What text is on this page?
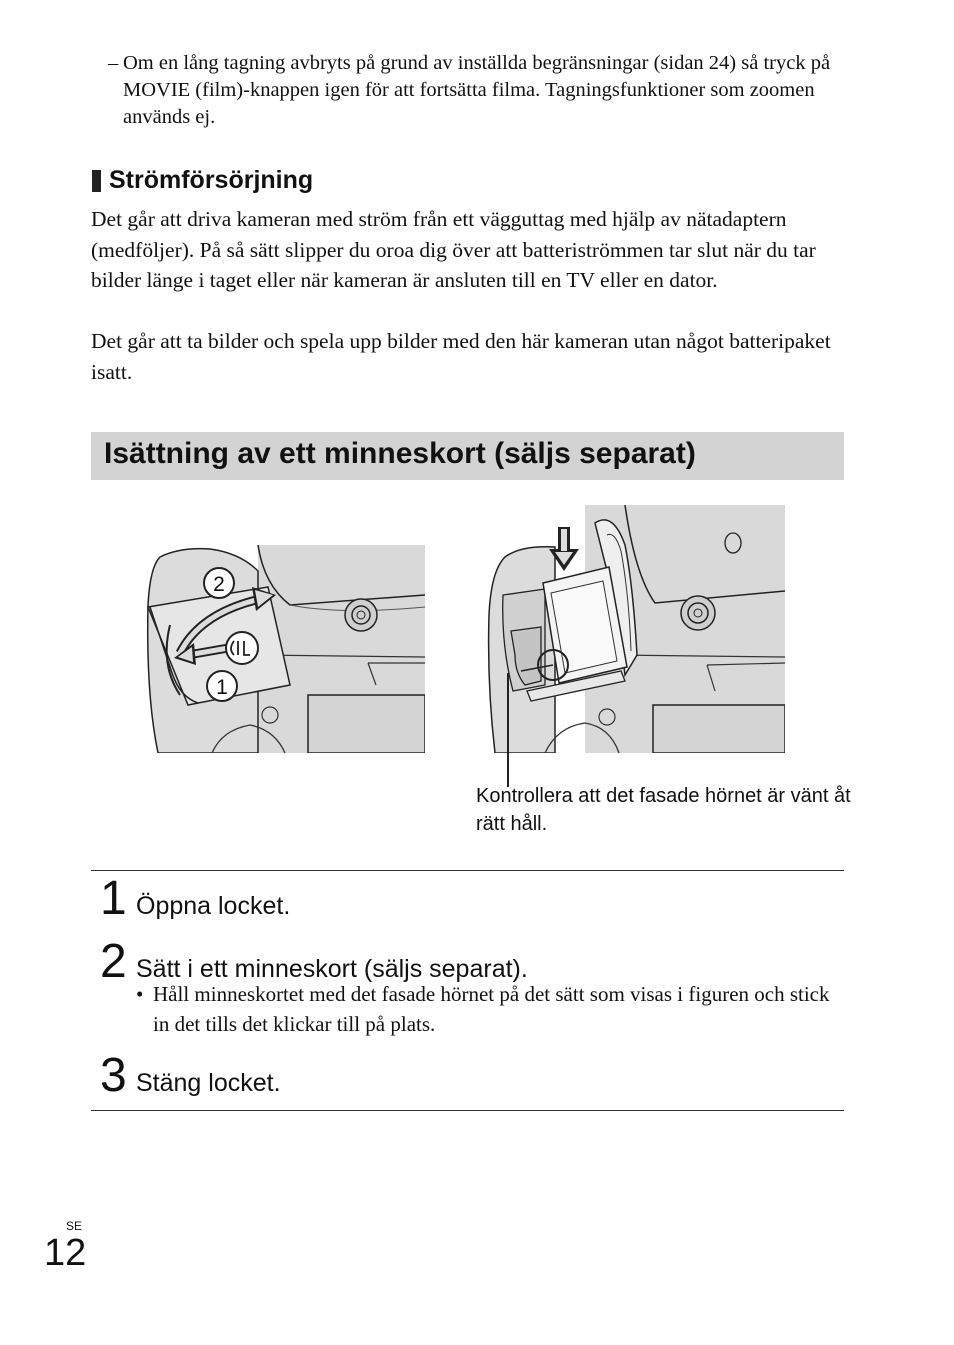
– Om en lång tagning avbryts på grund av inställda begränsningar (sidan 24) så tryck på MOVIE (film)-knappen igen för att fortsätta filma. Tagningsfunktioner som zoomen används ej.
Strömförsörjning
Det går att driva kameran med ström från ett vägguttag med hjälp av nätadaptern (medföljer). På så sätt slipper du oroa dig över att batteriströmmen tar slut när du tar bilder länge i taget eller när kameran är ansluten till en TV eller en dator.
Det går att ta bilder och spela upp bilder med den här kameran utan något batteripaket isatt.
Isättning av ett minneskort (säljs separat)
2
1
Kontrollera att det fasade hörnet är vänt åt rätt håll.
1 Öppna locket.
2 Sätt i ett minneskort (säljs separat).
• Håll minneskortet med det fasade hörnet på det sätt som visas i figuren och stick in det tills det klickar till på plats.
3 Stäng locket.
SE
12
